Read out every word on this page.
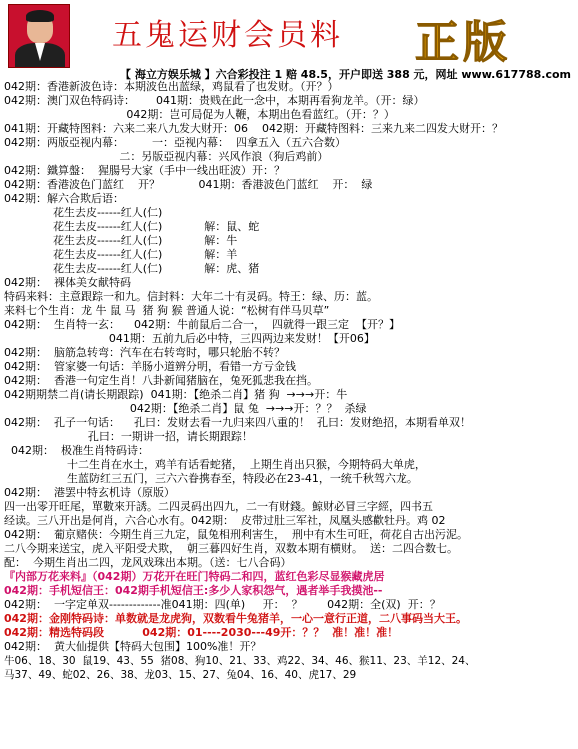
五鬼运财会员料 正版
【 海立方娱乐城 】六合彩投注 1 赔 48.5，开户即送 388 元，网址 www.617788.com
042期：香港新波色诗：本期波色出蓝绿，鸡鼠看了也发财。（开？）
042期：澳门双色特码诗：      041期：贵贱在此一念中，本期再看狗龙羊。（开：绿）
042期：岂可局促为人鞭，本期出色看蓝红。（开：？）
041期：开藏特图料：六来二来八九发大财开：06    042期：开藏特图料：三来九来二四发大财开：？
042期：两版亞视内幕：        一：亞视内幕：  四拿五入（五六合数）
二：另版亞视内幕：兴风作浪（狗后鸡前）
042期：鐵算盤：  猩腸号大家（手中一线出旺波）开：？
042期：香港波色门蓝红    开？           041期：香港波色门蓝红    开：  绿
042期：解六合欺后语：
花生去皮------红人(仁)
花生去皮------红人(仁)            解：鼠、蛇
花生去皮------红人(仁)            解：牛
花生去皮------红人(仁)            解：羊
花生去皮------红人(仁)            解：虎、猪
042期：  裸体美女献特码
特码来料：主意跟踪一和九。信封料：大年二十有灵码。特王：绿、历：蓝。
来料七个生肖：龙 牛 鼠 马  猪 狗 猴 普通人说：“松树有伴马贝草”
042期：  生肖特一玄：    042期：牛前鼠后二合一，  四就得一跟三定  【开？】
041期：五前九后必中特，三四两边来发财！【开06】
042期：  脑筋急转弯：汽车在右转弯时，哪只轮胎不转？
042期：  管家婆一句话：羊肠小道辨分明，看错一方亏金钱
042期：  香港一句定生肖！八卦新闻猪脑在，兔死狐悲我在挡。
042期期禁二肖(请长期跟踪)  041期：【绝杀二肖】猪 狗  →→→开：牛
042期：【绝杀二肖】鼠 兔  →→→开：？？  杀绿
042期：  孔子一句话：    孔曰：发财去看一九归来四八重的！  孔曰：发财绝招，本期看单双！
孔曰：一期讲一招，请长期跟踪！
042期：  极准生肖特码诗：
十二生肖在水土，鸡羊有话看蛇猪，  上期生肖出只猴，今期特码大单虎，
生蓝防红三五门，三六六眷携春至，特段必在23-41，一统千秋驾六龙。
042期：  港罢中特玄机诗（原版）
四一出零开旺尾，單數來开誘。二四灵码出四九，二一有财錢。鯨财必冒三字經，四书五
经读。三八开出是何肖，六合心水有。042期：  皮带过肚三军社，凤凰头感歡牡丹。鸡 02
042期：  葡京赌侠：今期生肖三九定，鼠兔相刑利害生，  刑中有木生可旺，荷花自古出污泥。
二八今期来送宝，虎入平阳受犬欺，  朝三暮四好生肖，双数本期有横财。  送：二四合数七。
配：  今期生肖出二四，龙风戏珠出本期。（送：七八合码）
『内部万花来料』（042期）万花开在旺门特码二和四，蓝红色彩尽显猴藏虎居
042期：手机短信王：042期手机短信王:多少人家积怨气，遇者举手我摸池--
042期：  一字定单双-------------准041期：四(单)     开：  ？       042期：全(双)  开：？
042期：金刚特码诗：单数就是龙虎狗，双数看牛兔猪羊，一心一意行正道，二八事码当大王。
042期：精选特码段          042期：01----2030---49开：？？  准！准！准！
042期：  黄大仙提供【特码大包围】100%准！开？
牛06、18、30  鼠19、43、55  猪08、狗10、21、33、鸡22、34、46、猴11、23、羊12、24、
马37、49、蛇02、26、38、龙03、15、27、兔04、16、40、虎17、29
